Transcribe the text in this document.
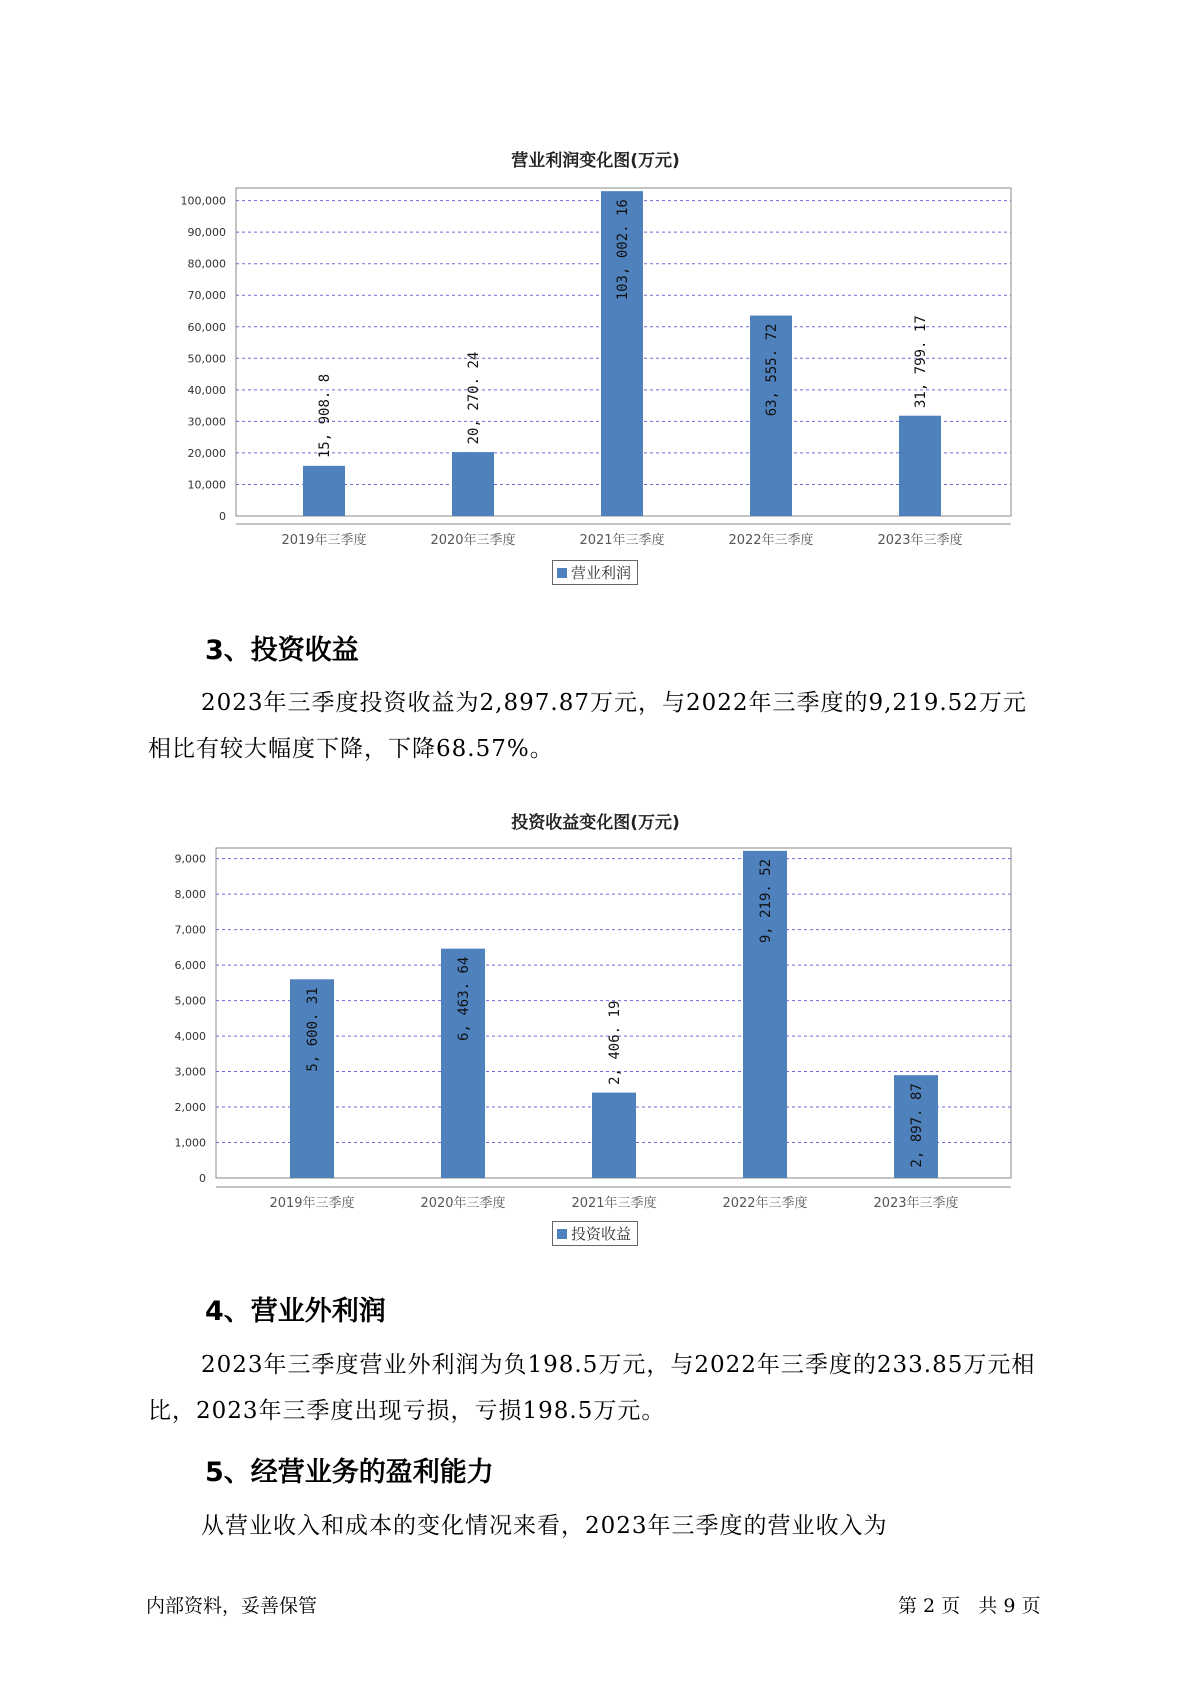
营业利润变化图(万元)
0
10,000
20,000
30,000
40,000
50,000
60,000
70,000
80,000
90,000
100,000
15, 908. 8
2019年三季度
20, 270. 24
2020年三季度
103, 002. 16
2021年三季度
63, 555. 72
2022年三季度
31, 799. 17
2023年三季度
营业利润
3、投资收益

2023年三季度投资收益为2,897.87万元，与2022年三季度的9,219.52万元相比有较大幅度下降，下降68.57%。

投资收益变化图(万元)
0
1,000
2,000
3,000
4,000
5,000
6,000
7,000
8,000
9,000
5, 600. 31
2019年三季度
6, 463. 64
2020年三季度
2, 406. 19
2021年三季度
9, 219. 52
2022年三季度
2, 897. 87
2023年三季度
投资收益
4、营业外利润

2023年三季度营业外利润为负198.5万元，与2022年三季度的233.85万元相比，2023年三季度出现亏损，亏损198.5万元。

5、经营业务的盈利能力

从营业收入和成本的变化情况来看，2023年三季度的营业收入为

内部资料，妥善保管	第 2 页   共 9 页
